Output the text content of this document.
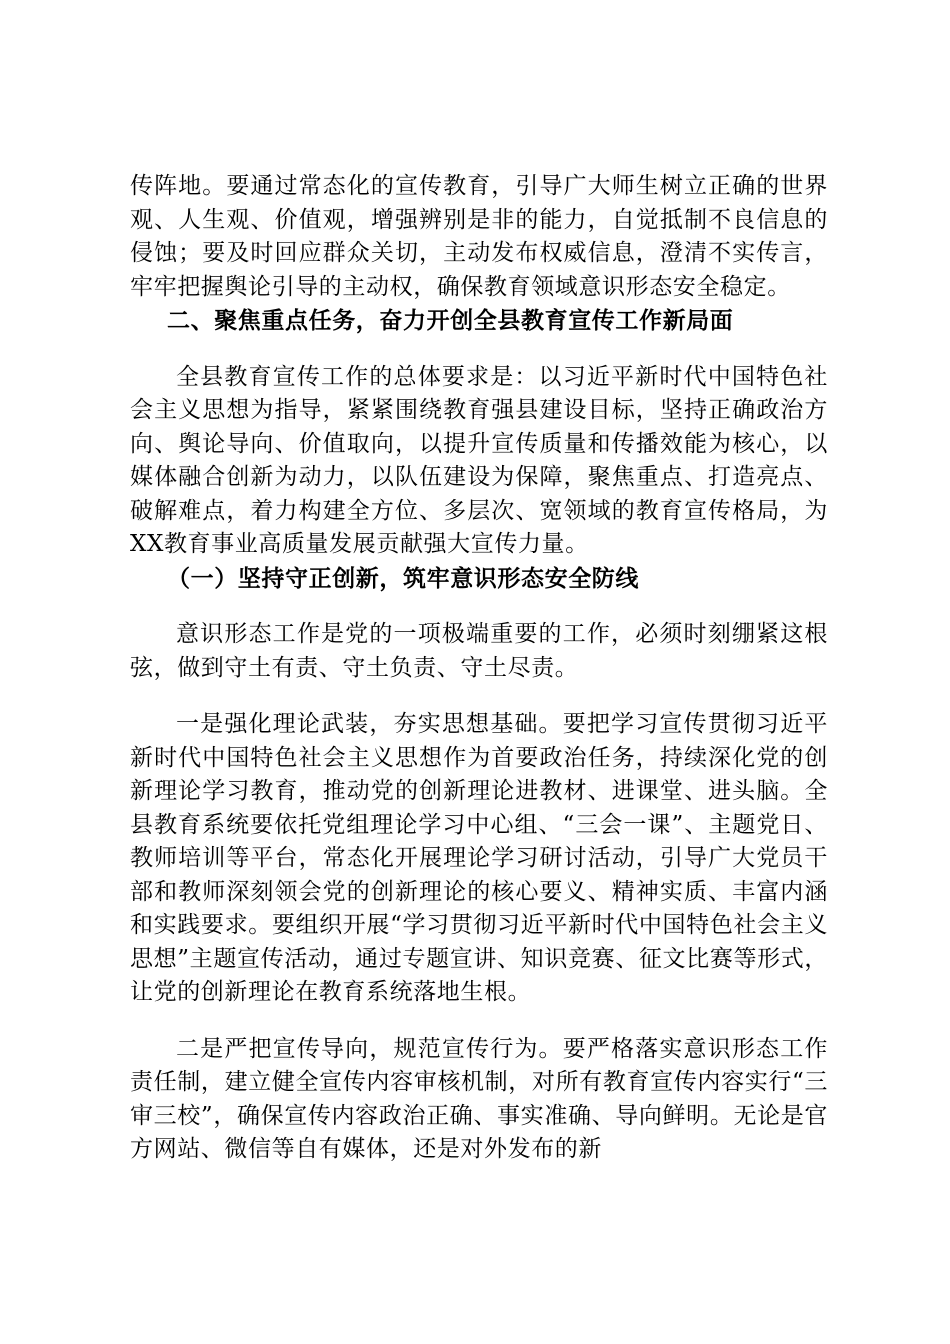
传阵地。要通过常态化的宣传教育，引导广大师生树立正确的世界观、人生观、价值观，增强辨别是非的能力，自觉抵制不良信息的侵蚀；要及时回应群众关切，主动发布权威信息，澄清不实传言，牢牢把握舆论引导的主动权，确保教育领域意识形态安全稳定。

二、聚焦重点任务，奋力开创全县教育宣传工作新局面

全县教育宣传工作的总体要求是：以习近平新时代中国特色社会主义思想为指导，紧紧围绕教育强县建设目标，坚持正确政治方向、舆论导向、价值取向，以提升宣传质量和传播效能为核心，以媒体融合创新为动力，以队伍建设为保障，聚焦重点、打造亮点、破解难点，着力构建全方位、多层次、宽领域的教育宣传格局，为XX教育事业高质量发展贡献强大宣传力量。

（一）坚持守正创新，筑牢意识形态安全防线

意识形态工作是党的一项极端重要的工作，必须时刻绷紧这根弦，做到守土有责、守土负责、守土尽责。

一是强化理论武装，夯实思想基础。要把学习宣传贯彻习近平新时代中国特色社会主义思想作为首要政治任务，持续深化党的创新理论学习教育，推动党的创新理论进教材、进课堂、进头脑。全县教育系统要依托党组理论学习中心组、“三会一课”、主题党日、教师培训等平台，常态化开展理论学习研讨活动，引导广大党员干部和教师深刻领会党的创新理论的核心要义、精神实质、丰富内涵和实践要求。要组织开展“学习贯彻习近平新时代中国特色社会主义思想”主题宣传活动，通过专题宣讲、知识竞赛、征文比赛等形式，让党的创新理论在教育系统落地生根。

二是严把宣传导向，规范宣传行为。要严格落实意识形态工作责任制，建立健全宣传内容审核机制，对所有教育宣传内容实行“三审三校”，确保宣传内容政治正确、事实准确、导向鲜明。无论是官方网站、微信等自有媒体，还是对外发布的新
